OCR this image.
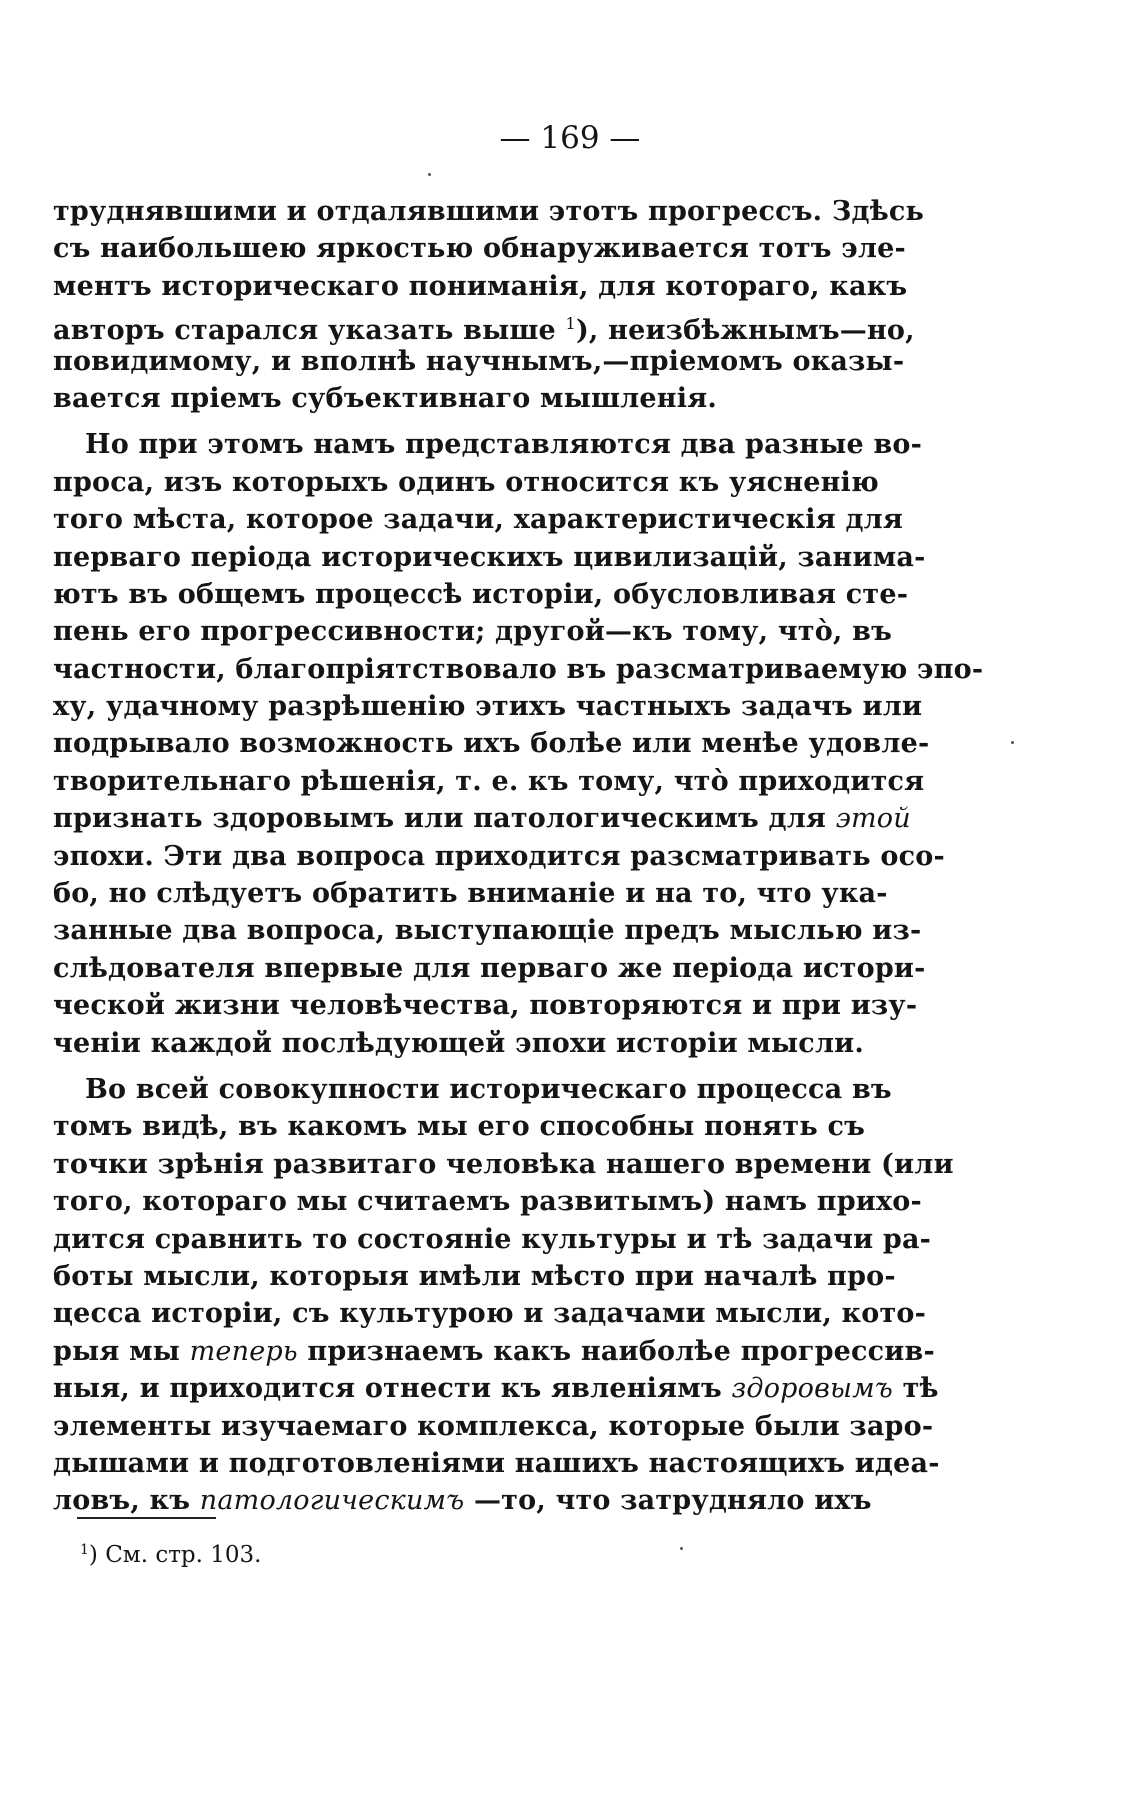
— 169 —
труднявшими и отдалявшими этотъ прогрессъ. Здѣсь
съ наибольшею яркостью обнаруживается тотъ эле-
ментъ историческаго пониманія, для котораго, какъ
авторъ старался указать выше $^1$), неизбѣжнымъ—но,
повидимому, и вполнѣ научнымъ,—пріемомъ оказы-
вается пріемъ субъективнаго мышленія.
Но при этомъ намъ представляются два разные во-
проса, изъ которыхъ одинъ относится къ уясненію
того мѣста, которое задачи, характеристическія для
перваго періода историческихъ цивилизацій, занима-
ютъ въ общемъ процессѣ исторіи, обусловливая сте-
пень его прогрессивности; другой—къ тому, что̀, въ
частности, благопріятствовало въ разсматриваемую эпо-
ху, удачному разрѣшенію этихъ частныхъ задачъ или
подрывало возможность ихъ болѣе или менѣе удовле-
творительнаго рѣшенія, т. е. къ тому, что̀ приходится
признать здоровымъ или патологическимъ для этой
эпохи. Эти два вопроса приходится разсматривать осо-
бо, но слѣдуетъ обратить вниманіе и на то, что ука-
занные два вопроса, выступающіе предъ мыслью из-
слѣдователя впервые для перваго же періода истори-
ческой жизни человѣчества, повторяются и при изу-
ченіи каждой послѣдующей эпохи исторіи мысли.
Во всей совокупности историческаго процесса въ
томъ видѣ, въ какомъ мы его способны понять съ
точки зрѣнія развитаго человѣка нашего времени (или
того, котораго мы считаемъ развитымъ) намъ прихо-
дится сравнить то состояніе культуры и тѣ задачи ра-
боты мысли, которыя имѣли мѣсто при началѣ про-
цесса исторіи, съ культурою и задачами мысли, кото-
рыя мы теперь признаемъ какъ наиболѣе прогрессив-
ныя, и приходится отнести къ явленіямъ здоровымъ тѣ
элементы изучаемаго комплекса, которые были заро-
дышами и подготовленіями нашихъ настоящихъ идеа-
ловъ, къ патологическимъ —то, что затрудняло ихъ
$^1$) См. стр. 103.
